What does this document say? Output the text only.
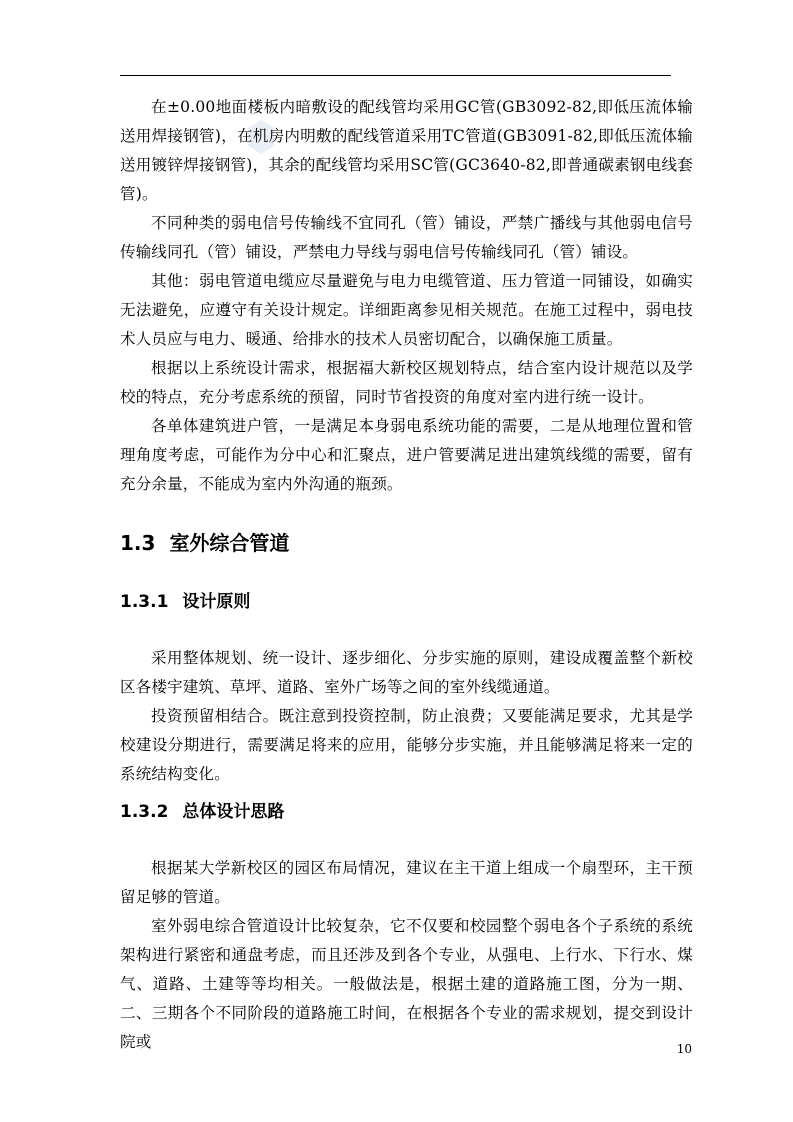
在±0.00地面楼板内暗敷设的配线管均采用GC管(GB3092-82,即低压流体输送用焊接钢管)，在机房内明敷的配线管道采用TC管道(GB3091-82,即低压流体输送用镀锌焊接钢管)，其余的配线管均采用SC管(GC3640-82,即普通碳素钢电线套管)。

不同种类的弱电信号传输线不宜同孔（管）铺设，严禁广播线与其他弱电信号传输线同孔（管）铺设，严禁电力导线与弱电信号传输线同孔（管）铺设。

其他：弱电管道电缆应尽量避免与电力电缆管道、压力管道一同铺设，如确实无法避免，应遵守有关设计规定。详细距离参见相关规范。在施工过程中，弱电技术人员应与电力、暖通、给排水的技术人员密切配合，以确保施工质量。

根据以上系统设计需求，根据福大新校区规划特点，结合室内设计规范以及学校的特点，充分考虑系统的预留，同时节省投资的角度对室内进行统一设计。

各单体建筑进户管，一是满足本身弱电系统功能的需要，二是从地理位置和管理角度考虑，可能作为分中心和汇聚点，进户管要满足进出建筑线缆的需要，留有充分余量，不能成为室内外沟通的瓶颈。

1.3 室外综合管道
1.3.1 设计原则

采用整体规划、统一设计、逐步细化、分步实施的原则，建设成覆盖整个新校区各楼宇建筑、草坪、道路、室外广场等之间的室外线缆通道。

投资预留相结合。既注意到投资控制，防止浪费；又要能满足要求，尤其是学校建设分期进行，需要满足将来的应用，能够分步实施，并且能够满足将来一定的系统结构变化。

1.3.2 总体设计思路

根据某大学新校区的园区布局情况，建议在主干道上组成一个扇型环，主干预留足够的管道。

室外弱电综合管道设计比较复杂，它不仅要和校园整个弱电各个子系统的系统架构进行紧密和通盘考虑，而且还涉及到各个专业，从强电、上行水、下行水、煤气、道路、土建等等均相关。一般做法是，根据土建的道路施工图，分为一期、二、三期各个不同阶段的道路施工时间，在根据各个专业的需求规划，提交到设计院或	10
